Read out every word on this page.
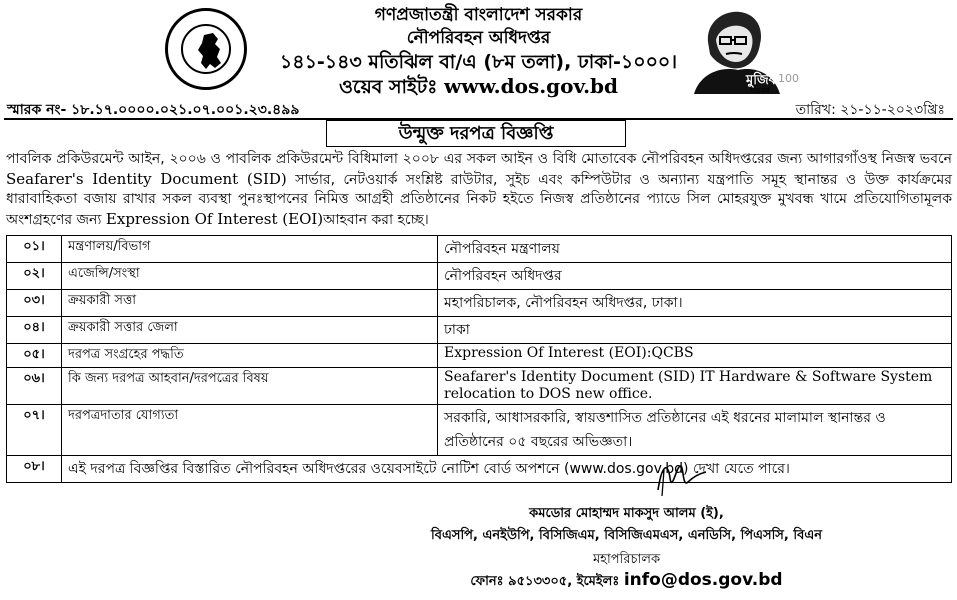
গণপ্রজাতন্ত্রী বাংলাদেশ সরকার
নৌপরিবহন অধিদপ্তর
১৪১-১৪৩ মতিঝিল বা/এ (৮ম তলা), ঢাকা-১০০০।
ওয়েব সাইটঃ www.dos.gov.bd	মুজিব
শতবর্ষ
100
স্মারক নং- ১৮.১৭.০০০০.০২১.০৭.০০১.২৩.৪৯৯	তারিখ: ২১-১১-২০২৩খ্রিঃ
উন্মুক্ত দরপত্র বিজ্ঞপ্তি
পাবলিক প্রকিউরমেন্ট আইন, ২০০৬ ও পাবলিক প্রকিউরমেন্ট বিধিমালা ২০০৮ এর সকল আইন ও বিধি মোতাবেক নৌপরিবহন অধিদপ্তরের জন্য আগারগাঁওস্থ নিজস্ব ভবনে Seafarer's Identity Document (SID) সার্ভার, নেটওয়ার্ক সংশ্লিষ্ট রাউটার, সুইচ এবং কম্পিউটার ও অন্যান্য যন্ত্রপাতি সমূহ স্থানান্তর ও উক্ত কার্যক্রমের ধারাবাহিকতা বজায় রাখার সকল ব্যবস্থা পুনঃস্থাপনের নিমিত্ত আগ্রহী প্রতিষ্ঠানের নিকট হইতে নিজস্ব প্রতিষ্ঠানের প্যাডে সিল মোহরযুক্ত মুখবন্ধ খামে প্রতিযোগিতামূলক অংশগ্রহণের জন্য Expression Of Interest (EOI)আহবান করা হচ্ছে।
০১।	মন্ত্রণালয়/বিভাগ	নৌপরিবহন মন্ত্রণালয়
০২।	এজেন্সি/সংস্থা	নৌপরিবহন অধিদপ্তর
০৩।	ক্রয়কারী সত্তা	মহাপরিচালক, নৌপরিবহন অধিদপ্তর, ঢাকা।
০৪।	ক্রয়কারী সত্তার জেলা	ঢাকা
০৫।	দরপত্র সংগ্রহের পদ্ধতি	Expression Of Interest (EOI):QCBS
০৬।	কি জন্য দরপত্র আহবান/দরপত্রের বিষয়	Seafarer's Identity Document (SID) IT Hardware & Software System relocation to DOS new office.
০৭।	দরপত্রদাতার যোগ্যতা	সরকারি, আধাসরকারি, স্বায়ত্তশাসিত প্রতিষ্ঠানের এই ধরনের মালামাল স্থানান্তর ও প্রতিষ্ঠানের ০৫ বছরের অভিজ্ঞতা।
০৮।	এই দরপত্র বিজ্ঞপ্তির বিস্তারিত নৌপরিবহন অধিদপ্তরের ওয়েবসাইটে নোটিশ বোর্ড অপশনে (www.dos.gov.bd) দেখা যেতে পারে।	
কমডোর মোহাম্মদ মাকসুদ আলম (ই),
বিএসপি, এনইউপি, বিসিজিএম, বিসিজিএমএস, এনডিসি, পিএসসি, বিএন
মহাপরিচালক
ফোনঃ ৯৫১৩৩০৫, ইমেইলঃ info@dos.gov.bd
